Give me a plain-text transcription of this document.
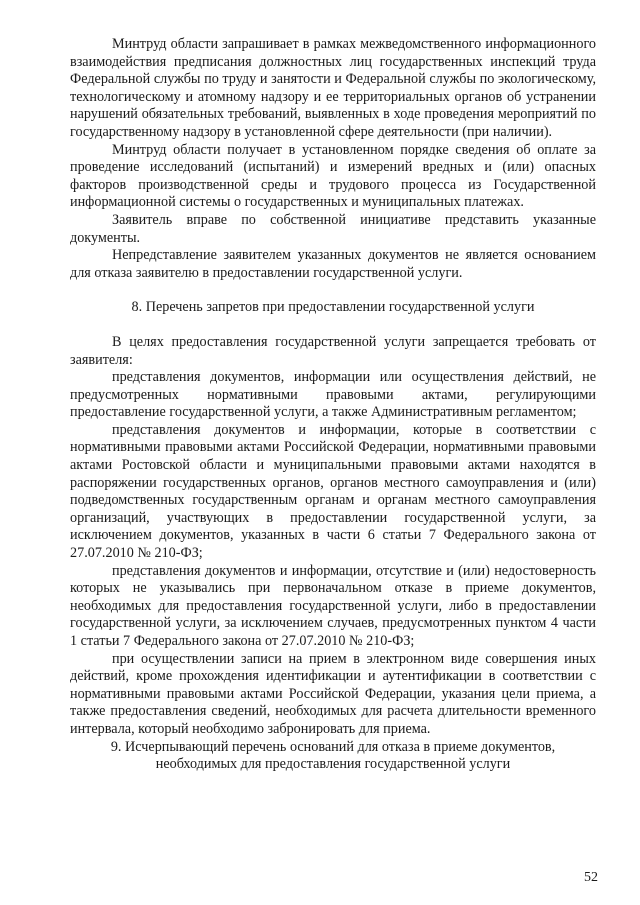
Минтруд области запрашивает в рамках межведомственного информационного взаимодействия предписания должностных лиц государственных инспекций труда Федеральной службы по труду и занятости и Федеральной службы по экологическому, технологическому и атомному надзору и ее территориальных органов об устранении нарушений обязательных требований, выявленных в ходе проведения мероприятий по государственному надзору в установленной сфере деятельности (при наличии).

Минтруд области получает в установленном порядке сведения об оплате за проведение исследований (испытаний) и измерений вредных и (или) опасных факторов производственной среды и трудового процесса из Государственной информационной системы о государственных и муниципальных платежах.

Заявитель вправе по собственной инициативе представить указанные документы.

Непредставление заявителем указанных документов не является основанием для отказа заявителю в предоставлении государственной услуги.

8. Перечень запретов при предоставлении государственной услуги

В целях предоставления государственной услуги запрещается требовать от заявителя:

представления документов, информации или осуществления действий, не предусмотренных нормативными правовыми актами, регулирующими предоставление государственной услуги, а также Административным регламентом;

представления документов и информации, которые в соответствии с нормативными правовыми актами Российской Федерации, нормативными правовыми актами Ростовской области и муниципальными правовыми актами находятся в распоряжении государственных органов, органов местного самоуправления и (или) подведомственных государственным органам и органам местного самоуправления организаций, участвующих в предоставлении государственной услуги, за исключением документов, указанных в части 6 статьи 7 Федерального закона от 27.07.2010 № 210-ФЗ;

представления документов и информации, отсутствие и (или) недостоверность которых не указывались при первоначальном отказе в приеме документов, необходимых для предоставления государственной услуги, либо в предоставлении государственной услуги, за исключением случаев, предусмотренных пунктом 4 части 1 статьи 7 Федерального закона от 27.07.2010 № 210-ФЗ;

при осуществлении записи на прием в электронном виде совершения иных действий, кроме прохождения идентификации и аутентификации в соответствии с нормативными правовыми актами Российской Федерации, указания цели приема, а также предоставления сведений, необходимых для расчета длительности временного интервала, который необходимо забронировать для приема.

9. Исчерпывающий перечень оснований для отказа в приеме документов,

необходимых для предоставления государственной услуги

52
